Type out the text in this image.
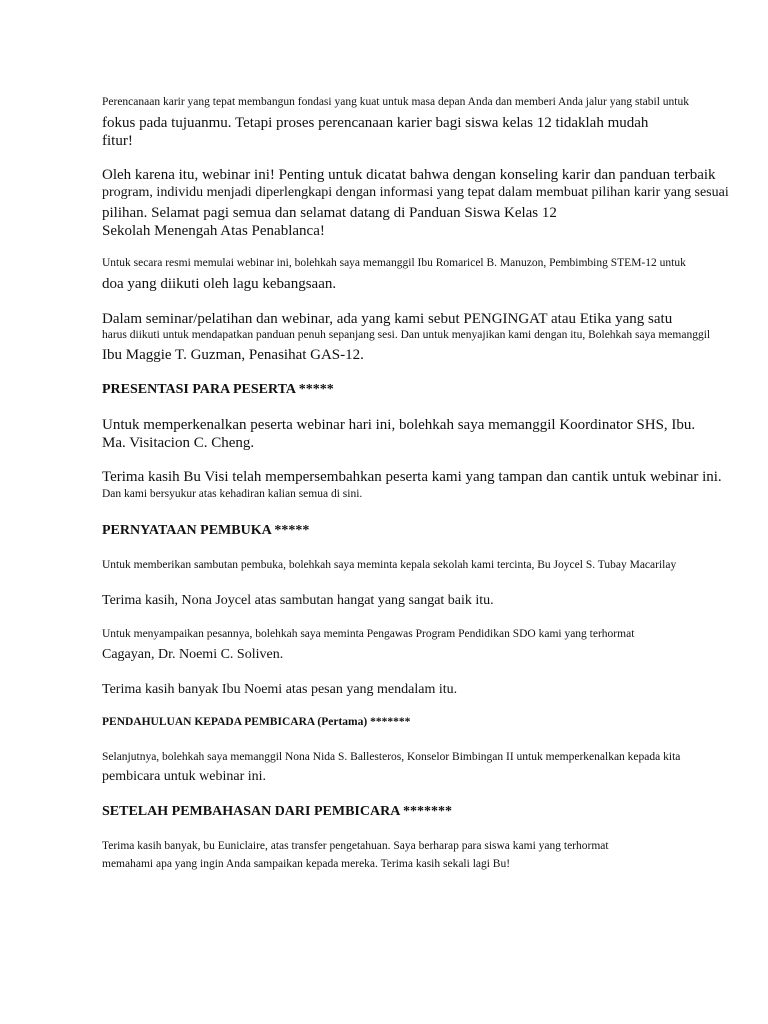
Perencanaan karir yang tepat membangun fondasi yang kuat untuk masa depan Anda dan memberi Anda jalur yang stabil untuk
fokus pada tujuanmu. Tetapi proses perencanaan karier bagi siswa kelas 12 tidaklah mudah
fitur!
Oleh karena itu, webinar ini! Penting untuk dicatat bahwa dengan konseling karir dan panduan terbaik
program, individu menjadi diperlengkapi dengan informasi yang tepat dalam membuat pilihan karir yang sesuai
pilihan. Selamat pagi semua dan selamat datang di Panduan Siswa Kelas 12
Sekolah Menengah Atas Penablanca!
Untuk secara resmi memulai webinar ini, bolehkah saya memanggil Ibu Romaricel B. Manuzon, Pembimbing STEM-12 untuk
doa yang diikuti oleh lagu kebangsaan.
Dalam seminar/pelatihan dan webinar, ada yang kami sebut PENGINGAT atau Etika yang satu
harus diikuti untuk mendapatkan panduan penuh sepanjang sesi. Dan untuk menyajikan kami dengan itu, Bolehkah saya memanggil
Ibu Maggie T. Guzman, Penasihat GAS-12.
PRESENTASI PARA PESERTA *****
Untuk memperkenalkan peserta webinar hari ini, bolehkah saya memanggil Koordinator SHS, Ibu.
Ma. Visitacion C. Cheng.
Terima kasih Bu Visi telah mempersembahkan peserta kami yang tampan dan cantik untuk webinar ini.
Dan kami bersyukur atas kehadiran kalian semua di sini.
PERNYATAAN PEMBUKA *****
Untuk memberikan sambutan pembuka, bolehkah saya meminta kepala sekolah kami tercinta, Bu Joycel S. Tubay Macarilay
Terima kasih, Nona Joycel atas sambutan hangat yang sangat baik itu.
Untuk menyampaikan pesannya, bolehkah saya meminta Pengawas Program Pendidikan SDO kami yang terhormat
Cagayan, Dr. Noemi C. Soliven.
Terima kasih banyak Ibu Noemi atas pesan yang mendalam itu.
PENDAHULUAN KEPADA PEMBICARA (Pertama) *******
Selanjutnya, bolehkah saya memanggil Nona Nida S. Ballesteros, Konselor Bimbingan II untuk memperkenalkan kepada kita
pembicara untuk webinar ini.
SETELAH PEMBAHASAN DARI PEMBICARA *******
Terima kasih banyak, bu Euniclaire, atas transfer pengetahuan. Saya berharap para siswa kami yang terhormat
memahami apa yang ingin Anda sampaikan kepada mereka. Terima kasih sekali lagi Bu!
